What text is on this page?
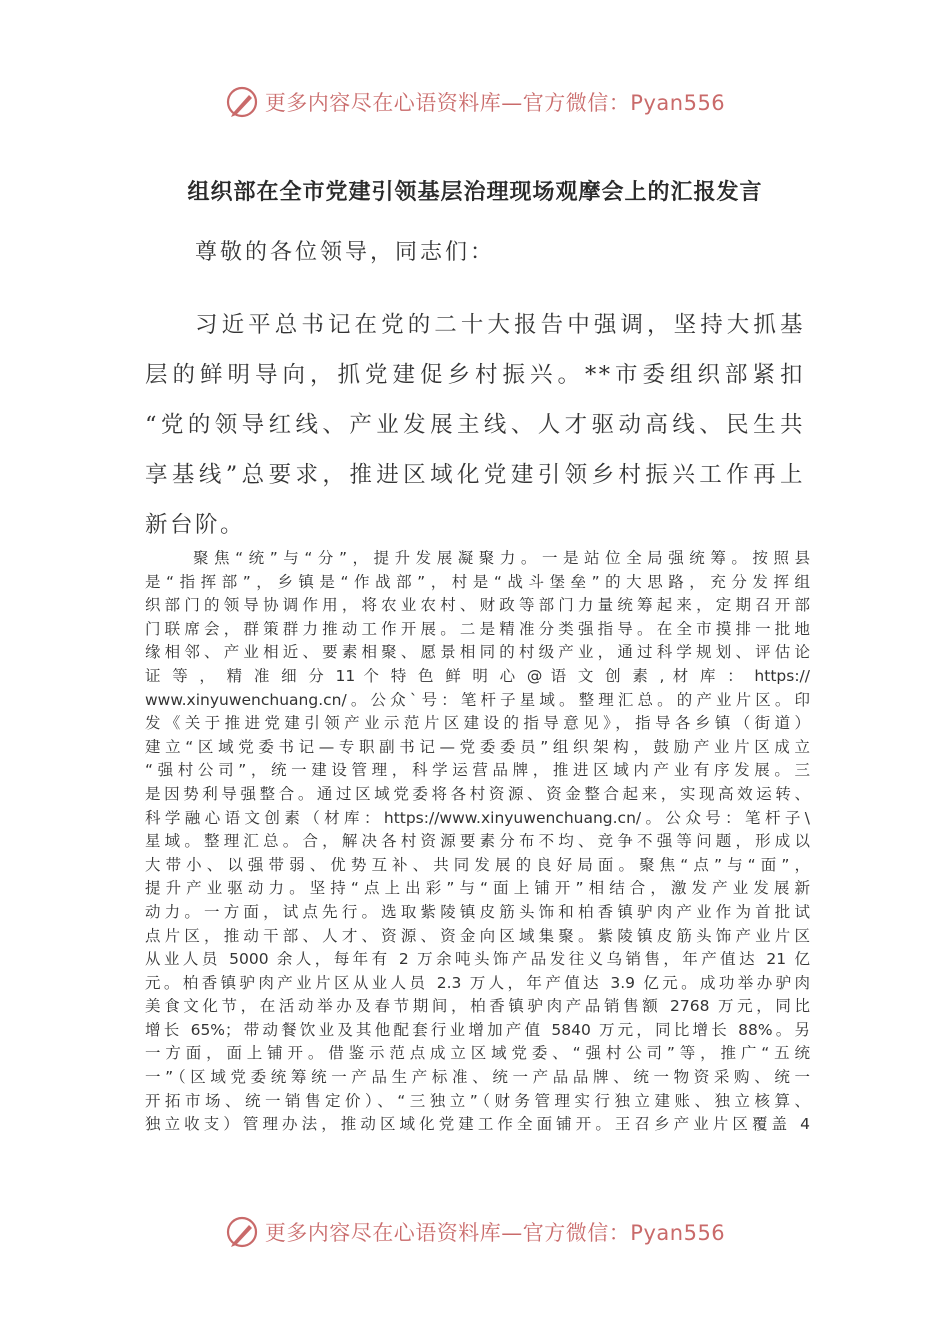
更多内容尽在心语资料库—官方微信：Pyan556
组织部在全市党建引领基层治理现场观摩会上的汇报发言
尊敬的各位领导，同志们：
习近平总书记在党的二十大报告中强调，坚持大抓基
层的鲜明导向，抓党建促乡村振兴。**市委组织部紧扣
“党的领导红线、产业发展主线、人才驱动高线、民生共
享基线”总要求，推进区域化党建引领乡村振兴工作再上
新台阶。
聚焦“统”与“分”，提升发展凝聚力。一是站位全局强统筹。按照县
是“指挥部”，乡镇是“作战部”，村是“战斗堡垒”的大思路，充分发挥组
织部门的领导协调作用，将农业农村、财政等部门力量统筹起来，定期召开部
门联席会，群策群力推动工作开展。二是精准分类强指导。在全市摸排一批地
缘相邻、产业相近、要素相聚、愿景相同的村级产业，通过科学规划、评估论
证 等 ， 精 准 细 分 11 个 特 色 鲜 明 心 @ 语 文 创 素 , 材 库 ： https://
www.xinyuwenchuang.cn/。公众`号：笔杆子星域。整理汇总。的产业片区。印
发《关于推进党建引领产业示范片区建设的指导意见》，指导各乡镇（街道）
建立“区域党委书记—专职副书记—党委委员”组织架构，鼓励产业片区成立
“强村公司”，统一建设管理，科学运营品牌，推进区域内产业有序发展。三
是因势利导强整合。通过区域党委将各村资源、资金整合起来，实现高效运转、
科学融心语文创素（材库：https://www.xinyuwenchuang.cn/。公众号：笔杆子\
星域。整理汇总。合，解决各村资源要素分布不均、竞争不强等问题，形成以
大带小、以强带弱、优势互补、共同发展的良好局面。聚焦“点”与“面”，
提升产业驱动力。坚持“点上出彩”与“面上铺开”相结合，激发产业发展新
动力。一方面，试点先行。选取紫陵镇皮筋头饰和柏香镇驴肉产业作为首批试
点片区，推动干部、人才、资源、资金向区域集聚。紫陵镇皮筋头饰产业片区
从业人员 5000 余人，每年有 2 万余吨头饰产品发往义乌销售，年产值达 21 亿
元。柏香镇驴肉产业片区从业人员 2.3 万人，年产值达 3.9 亿元。成功举办驴肉
美食文化节，在活动举办及春节期间，柏香镇驴肉产品销售额 2768 万元，同比
增长 65%；带动餐饮业及其他配套行业增加产值 5840 万元，同比增长 88%。另
一方面，面上铺开。借鉴示范点成立区域党委、“强村公司”等，推广“五统
一”（区域党委统筹统一产品生产标准、统一产品品牌、统一物资采购、统一
开拓市场、统一销售定价）、“三独立”（财务管理实行独立建账、独立核算、
独立收支）管理办法，推动区域化党建工作全面铺开。王召乡产业片区覆盖 4
更多内容尽在心语资料库—官方微信：Pyan556
